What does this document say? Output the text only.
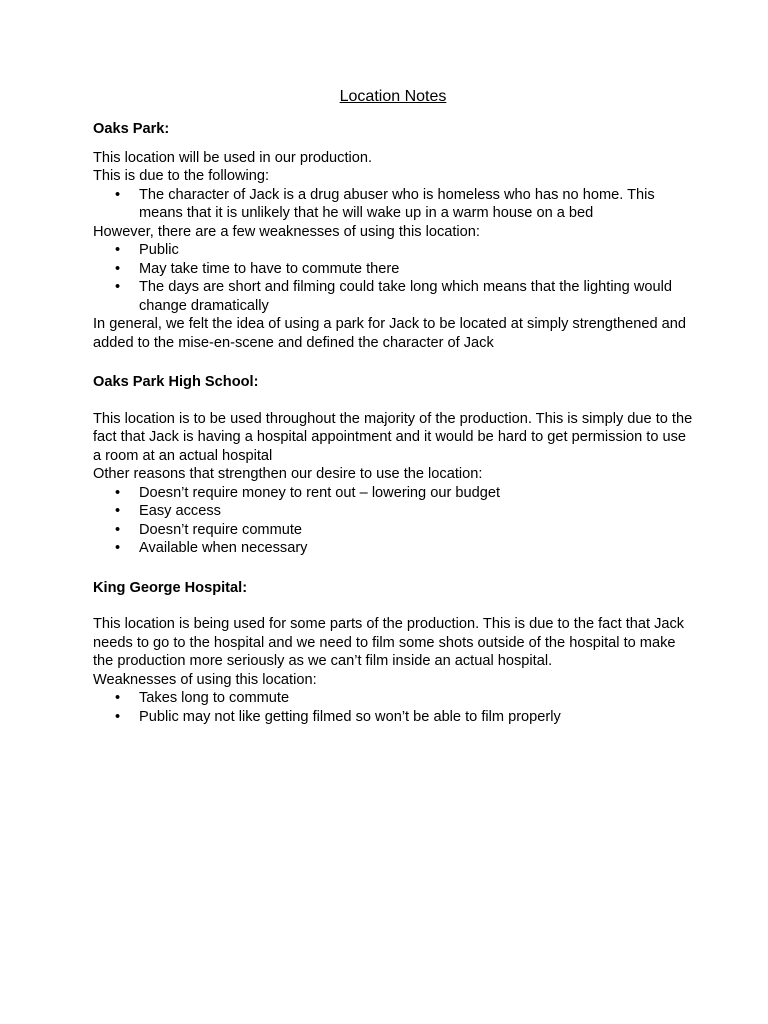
Location Notes

Oaks Park:

This location will be used in our production.

This is due to the following:

• The character of Jack is a drug abuser who is homeless who has no home. This means that it is unlikely that he will wake up in a warm house on a bed

However, there are a few weaknesses of using this location:

• Public
• May take time to have to commute there
• The days are short and filming could take long which means that the lighting would change dramatically

In general, we felt the idea of using a park for Jack to be located at simply strengthened and added to the mise-en-scene and defined the character of Jack

Oaks Park High School:

This location is to be used throughout the majority of the production. This is simply due to the fact that Jack is having a hospital appointment and it would be hard to get permission to use a room at an actual hospital

Other reasons that strengthen our desire to use the location:

• Doesn’t require money to rent out – lowering our budget
• Easy access
• Doesn’t require commute
• Available when necessary

King George Hospital:

This location is being used for some parts of the production. This is due to the fact that Jack needs to go to the hospital and we need to film some shots outside of the hospital to make the production more seriously as we can’t film inside an actual hospital.

Weaknesses of using this location:

• Takes long to commute
• Public may not like getting filmed so won’t be able to film properly
